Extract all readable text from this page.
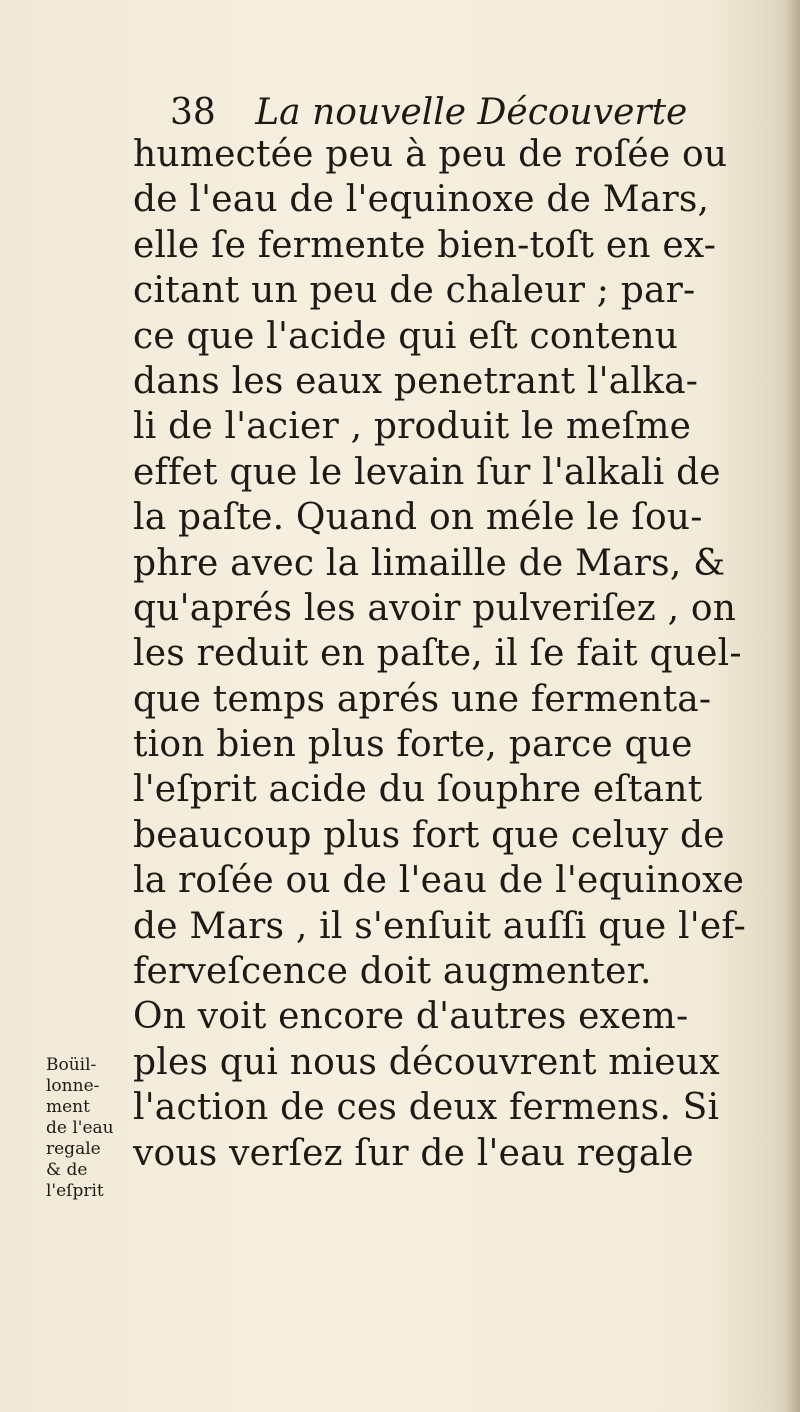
38 La nouvelle Découverte
humectée peu à peu de roſée ou
de l'eau de l'equinoxe de Mars,
elle ſe fermente bien-toſt en ex-
citant un peu de chaleur ; par-
ce que l'acide qui eſt contenu
dans les eaux penetrant l'alka-
li de l'acier , produit le meſme
effet que le levain ſur l'alkali de
la paſte. Quand on méle le ſou-
phre avec la limaille de Mars, &
qu'aprés les avoir pulveriſez , on
les reduit en paſte, il ſe fait quel-
que temps aprés une fermenta-
tion bien plus forte, parce que
l'eſprit acide du ſouphre eſtant
beaucoup plus fort que celuy de
la roſée ou de l'eau de l'equinoxe
de Mars , il s'enſuit auſſi que l'ef-
ferveſcence doit augmenter.
On voit encore d'autres exem-
ples qui nous découvrent mieux
l'action de ces deux fermens. Si
vous verſez ſur de l'eau regale
Boüil-
lonne-
ment
de l'eau
regale
& de
l'eſprit
